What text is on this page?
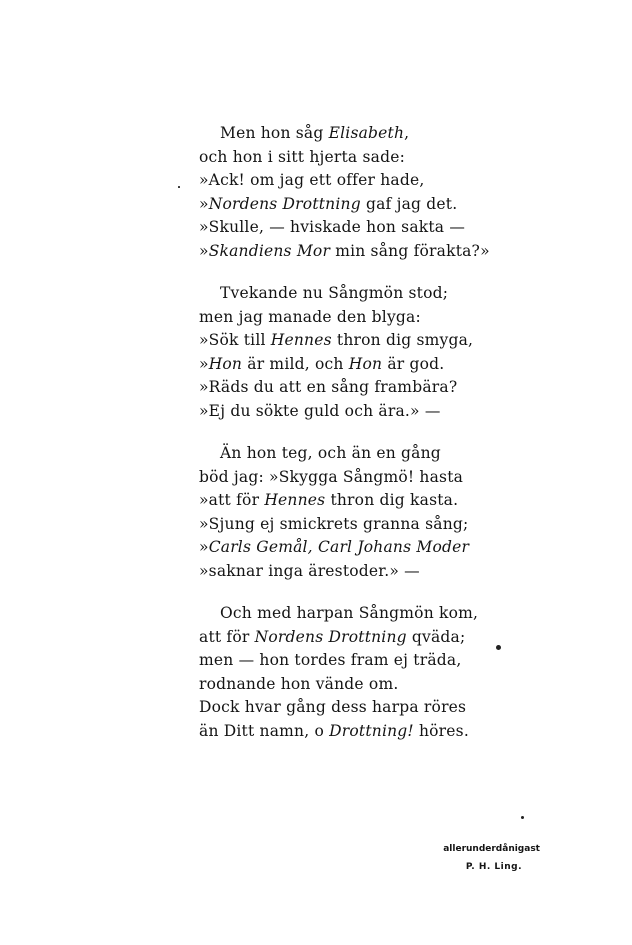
Men hon såg Elisabeth,
och hon i sitt hjerta sade:
»Ack! om jag ett offer hade,
»Nordens Drottning gaf jag det.
»Skulle, — hviskade hon sakta —
»Skandiens Mor min sång förakta?»
Tvekande nu Sångmön stod;
men jag manade den blyga:
»Sök till Hennes thron dig smyga,
»Hon är mild, och Hon är god.
»Räds du att en sång frambära?
»Ej du sökte guld och ära.» —
Än hon teg, och än en gång
böd jag: »Skygga Sångmö! hasta
»att för Hennes thron dig kasta.
»Sjung ej smickrets granna sång;
»Carls Gemål, Carl Johans Moder
»saknar inga ärestoder.» —
Och med harpan Sångmön kom,
att för Nordens Drottning qväda;
men — hon tordes fram ej träda,
rodnande hon vände om.
Dock hvar gång dess harpa röres
än Ditt namn, o Drottning! höres.
allerunderdånigast
P. H. Ling.
